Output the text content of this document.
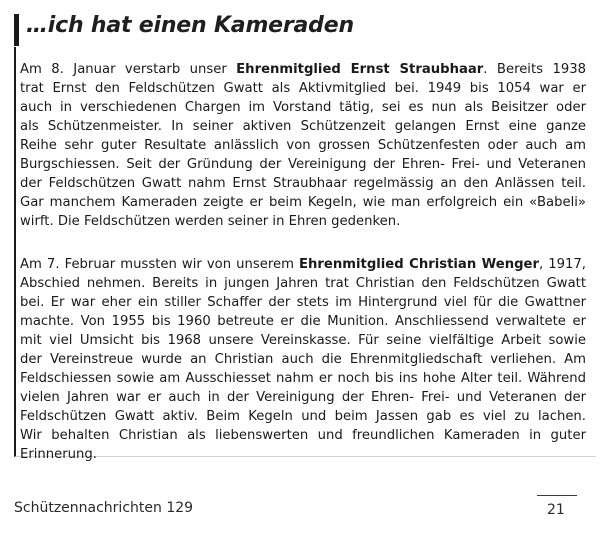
…ich hat einen Kameraden
Am 8. Januar verstarb unser Ehrenmitglied Ernst Straubhaar. Bereits 1938
trat Ernst den Feldschützen Gwatt als Aktivmitglied bei. 1949 bis 1054 war er
auch in verschiedenen Chargen im Vorstand tätig, sei es nun als Beisitzer oder
als Schützenmeister. In seiner aktiven Schützenzeit gelangen Ernst eine ganze
Reihe sehr guter Resultate anlässlich von grossen Schützenfesten oder auch am
Burgschiessen. Seit der Gründung der Vereinigung der Ehren- Frei- und Veteranen
der Feldschützen Gwatt nahm Ernst Straubhaar regelmässig an den Anlässen teil.
Gar manchem Kameraden zeigte er beim Kegeln, wie man erfolgreich ein «Babeli»
wirft. Die Feldschützen werden seiner in Ehren gedenken.
Am 7. Februar mussten wir von unserem Ehrenmitglied Christian Wenger, 1917,
Abschied nehmen. Bereits in jungen Jahren trat Christian den Feldschützen Gwatt
bei. Er war eher ein stiller Schaffer der stets im Hintergrund viel für die Gwattner
machte. Von 1955 bis 1960 betreute er die Munition. Anschliessend verwaltete er
mit viel Umsicht bis 1968 unsere Vereinskasse. Für seine vielfältige Arbeit sowie
der Vereinstreue wurde an Christian auch die Ehrenmitgliedschaft verliehen. Am
Feldschiessen sowie am Ausschiesset nahm er noch bis ins hohe Alter teil. Während
vielen Jahren war er auch in der Vereinigung der Ehren- Frei- und Veteranen der
Feldschützen Gwatt aktiv. Beim Kegeln und beim Jassen gab es viel zu lachen.
Wir behalten Christian als liebenswerten und freundlichen Kameraden in guter
Erinnerung.
Schützennachrichten 129	21
